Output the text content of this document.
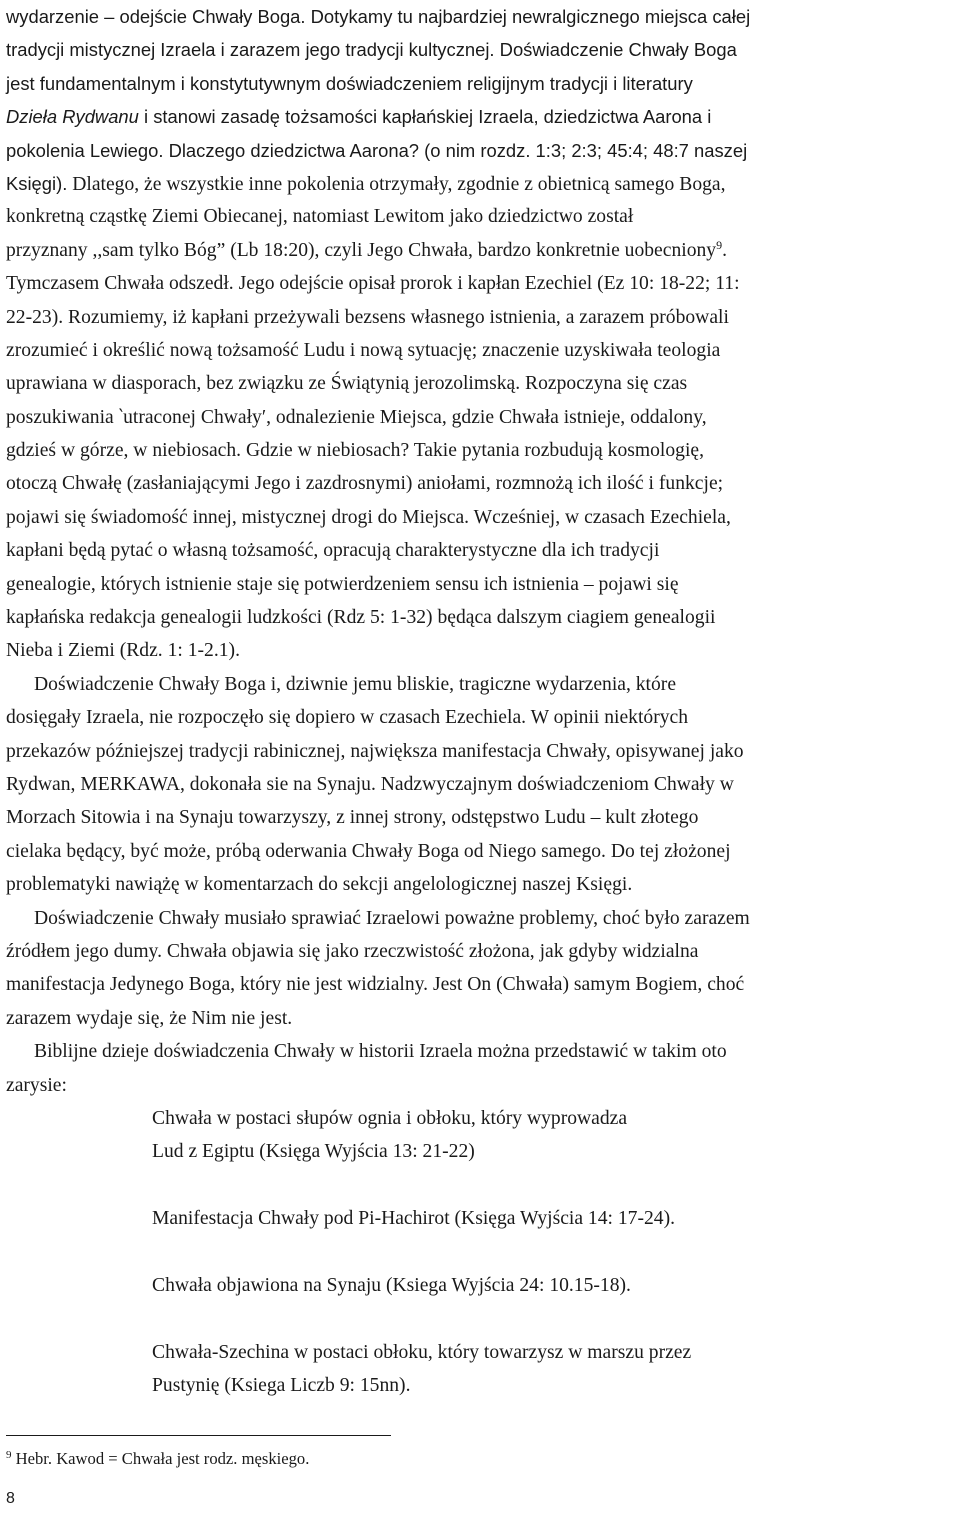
wydarzenie – odejście Chwały Boga. Dotykamy tu najbardziej newralgicznego miejsca całej
tradycji mistycznej Izraela i zarazem jego tradycji kultycznej. Doświadczenie Chwały Boga
jest fundamentalnym i konstytutywnym doświadczeniem religijnym tradycji i literatury
Dzieła Rydwanu i stanowi zasadę tożsamości kapłańskiej Izraela, dziedzictwa Aarona i
pokolenia Lewiego. Dlaczego dziedzictwa Aarona? (o nim rozdz. 1:3; 2:3; 45:4; 48:7 naszej
Księgi). Dlatego, że wszystkie inne pokolenia otrzymały, zgodnie z obietnicą samego Boga,
konkretną cząstkę Ziemi Obiecanej, natomiast Lewitom jako dziedzictwo został
przyznany ,,sam tylko Bóg” (Lb 18:20), czyli Jego Chwała, bardzo konkretnie uobecniony$^9$.
Tymczasem Chwała odszedł. Jego odejście opisał prorok i kapłan Ezechiel (Ez 10: 18-22; 11:
22-23). Rozumiemy, iż kapłani przeżywali bezsens własnego istnienia, a zarazem próbowali
zrozumieć i określić nową tożsamość Ludu i nową sytuację; znaczenie uzyskiwała teologia
uprawiana w diasporach, bez związku ze Świątynią jerozolimską. Rozpoczyna się czas
poszukiwania ‵utraconej Chwały′, odnalezienie Miejsca, gdzie Chwała istnieje, oddalony,
gdzieś w górze, w niebiosach. Gdzie w niebiosach? Takie pytania rozbudują kosmologię,
otoczą Chwałę (zasłaniającymi Jego i zazdrosnymi) aniołami, rozmnożą ich ilość i funkcje;
pojawi się świadomość innej, mistycznej drogi do Miejsca. Wcześniej, w czasach Ezechiela,
kapłani będą pytać o własną tożsamość, opracują charakterystyczne dla ich tradycji
genealogie, których istnienie staje się potwierdzeniem sensu ich istnienia – pojawi się
kapłańska redakcja genealogii ludzkości (Rdz 5: 1-32) będąca dalszym ciagiem genealogii
Nieba i Ziemi (Rdz. 1: 1-2.1).
Doświadczenie Chwały Boga i, dziwnie jemu bliskie, tragiczne wydarzenia, które
dosięgały Izraela, nie rozpoczęło się dopiero w czasach Ezechiela. W opinii niektórych
przekazów późniejszej tradycji rabinicznej, największa manifestacja Chwały, opisywanej jako
Rydwan, MERKAWA, dokonała sie na Synaju. Nadzwyczajnym doświadczeniom Chwały w
Morzach Sitowia i na Synaju towarzyszy, z innej strony, odstępstwo Ludu – kult złotego
cielaka będący, być może, próbą oderwania Chwały Boga od Niego samego. Do tej złożonej
problematyki nawiążę w komentarzach do sekcji angelologicznej naszej Księgi.
Doświadczenie Chwały musiało sprawiać Izraelowi poważne problemy, choć było zarazem
źródłem jego dumy. Chwała objawia się jako rzeczwistość złożona, jak gdyby widzialna
manifestacja Jedynego Boga, który nie jest widzialny. Jest On (Chwała) samym Bogiem, choć
zarazem wydaje się, że Nim nie jest.
Biblijne dzieje doświadczenia Chwały w historii Izraela można przedstawić w takim oto
zarysie:
Chwała w postaci słupów ognia i obłoku, który wyprowadza
Lud z Egiptu (Księga Wyjścia 13: 21-22)
Manifestacja Chwały pod Pi-Hachirot (Księga Wyjścia 14: 17-24).
Chwała objawiona na Synaju (Ksiega Wyjścia 24: 10.15-18).
Chwała-Szechina w postaci obłoku, który towarzysz w marszu przez
Pustynię (Ksiega Liczb 9: 15nn).
$^9$ Hebr. Kawod = Chwała jest rodz. męskiego.
8
